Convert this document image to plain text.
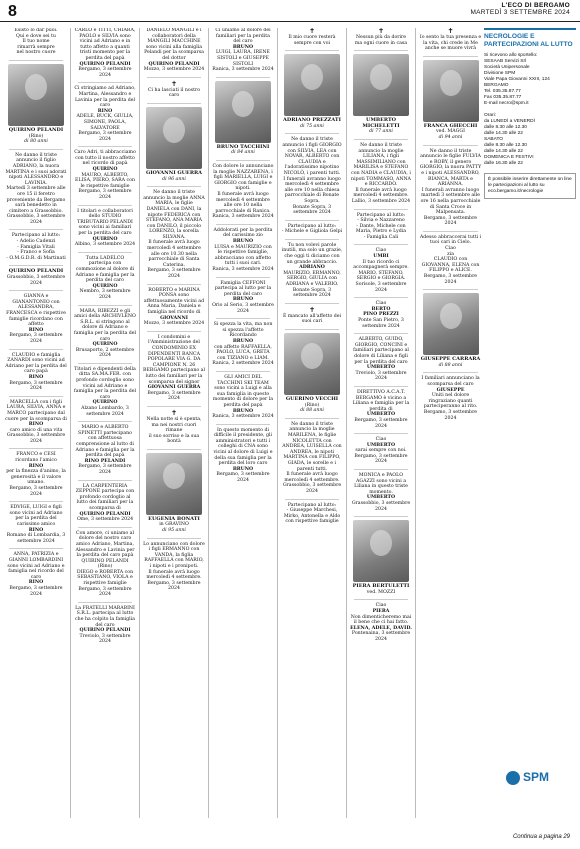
8	L'ECO DI BERGAMO
MARTEDÌ 3 SETTEMBRE 2024

Esisto lo dar puoi.

Qui e dove sei tu

Il tuo nome

rimarrà sempre

nel nostro cuore

QUIRINO PELANDI
(Rino)
di 80 anni

Ne danno il triste annuncio il figlio ADRIANO, la nuora MARTINA e i suoi adorati nipoti ALESSANDRO e LAVINIA.

Martedì 3 settembre alle ore 15 il feretro proveniente da Bergamo sarà benedetto in cimitero a Grassobbio.

Grassobbio, 3 settembre 2024

Partecipano al lutto:

- Adelio Cadenzi

- Famiglia Vitali

- Franco e Sofia

- O.M.G.D.R. di Martinati

QUIRINO PELANDI

Grassobbio, 3 settembre 2024

GIANNA e GIANANTONIO con ALESSANDRA, FRANCESCA e rispettive famiglie ricordano con affetto

RINO

Bergamo, 3 settembre 2024

CLAUDIO e famiglia ZANARDI sono vicini ad Adriano per la perdita del caro papà

RINO

Bergamo, 3 settembre 2024

MARCELLA con i figli LAURA, SILVIA, ANNA e MARCO partecipano dal cuore per la scomparsa di

RINO

caro amico di una vita

Grassobbio, 3 settembre 2024

FRANCO e CESI ricordano l'amico

RINO

per la finezza d'animo, la generosità e il valore umano.

Bergamo, 3 settembre 2024

EDVIGE, LUIGI e figli sono vicini ad Adriano per la perdita del carissimo amico

RINO

Romano di Lombardia, 3 settembre 2024

ANNA, PATRIZIA e GIANNI LOMBARDINI sono vicini ad Adriano e famiglia nel ricordo del caro

RINO

Bergamo, 3 settembre 2024

CARLO e TITTI, CHIARA, PAOLO e SILVIA sono vicini ad Adriano e in tutto affetto a quanti tristi momento per la perdita del papà

QUIRINO PELANDI

Bergamo, 3 settembre 2024

Ci stringiamo ad Adriano, Martina, Alessandro e Lavinia per la perdita del caro

RINO

ADELE, BUCK, GIULIA, SIMONE, PAOLA, SALVATORE

Bergamo, 3 settembre 2024

Caro Adri, ti abbracciamo con tutto il nostro affetto nel ricordo di papà

QUIRINO

MAURO, ALBERTO, ELISA, PIERO, SARA con le rispettive famiglie

Bergamo, 3 settembre 2024

I titolari e collaboratori dello STUDIO TRIBUTARIO PELANDI sono vicini ai familiari per la perdita del caro

QUIRINO

Albino, 3 settembre 2024

Tutta LADELCO partecipa con commozione al dolore di Adriano e famiglia per la perdita del caro

QUIRINO

Nembro, 3 settembre 2024

MARA, RIBEZZI e gli amici della ARCHIVLENO S.R.L. si stringono al dolore di Adriano e famiglia per la perdita del caro

QUIRINO

Brusaporto, 2 settembre 2024

Titolari e dipendenti della ditta SA.MA.FER. con profondo cordoglio sono vicini ad Adriano e famiglia per la perdita del caro

QUIRINO

Alzano Lombardo, 3 settembre 2024

MARIO e ALBERTO SPINETTI partecipano con affettuosa comprensione al lutto di Adriano e famiglia per la perdita del papà

RINO PELANDI

Bergamo, 3 settembre 2024

LA CARPENTERIA ZEPPONE partecipa con profondo cordoglio al lutto dei familiari per la scomparsa di

QUIRINO PELANDI

Ome, 3 settembre 2024

Con amore, ci uniamo al dolore del nostro caro amico Adriano, Martina, Alessandro e Lavinia per la perdita del caro papà

QUIRINO PELANDI (Rino)

DIEGO e ROBERTA con SEBASTIANO, VIOLA e rispettive famiglie

Bergamo, 3 settembre 2024

La FRATELLI MARABINI S.R.L. partecipa al lutto che ha colpito la famiglia del caro

QUIRINO PELANDI

Treviolo, 3 settembre 2024

DANIELO MANGILI e i collaboratori della MANGILI MACCHINE sono vicini alla famiglia Pelandi per la scomparsa del dottor

QUIRINO PELANDI

Mozzo, 3 settembre 2024

✝

Ci ha lasciati il nostro caro

GIOVANNI GUERRA
di 96 anni

Ne danno il triste annuncio la moglie ANNA MARIA, le figlie DANIELA con DANI, la nipote FEDERICA con STEFANO, ANA MARIA con DANILO, il piccolo LORENZO, la sorella SILVANA.

Il funerale avrà luogo mercoledì 4 settembre alle ore 10.30 nella parrocchiale di Santa Caterina.

Bergamo, 3 settembre 2024

ROBERTO e MARINA PONSA sono affettuosamente vicini ad Anna Maria, Daniela e famiglia nel ricordo di

GIOVANNI

Mozzo, 3 settembre 2024

I condomini e l'Amministrazione del CONDOMINIO EX DIPENDENTI BANCA POPOLARE VIA G. DA CAMPIONE N. 26 BERGAMO partecipano al lutto dei familiari per la scomparsa del signor

GIOVANNI GUERRA

Bergamo, 3 settembre 2024

✝

Nella notte si è spenta, ma nei nostri cuori rimane

il suo sorriso e la sua bontà

EUGENIA BONATI
in GRAVINO
di 95 anni

Lo annunciano con dolore i figli ERMANNO con VANDA, la figlia RAFFAELLA con MARIO, i nipoti e i pronipoti.

Il funerale avrà luogo mercoledì 4 settembre.

Bergamo, 3 settembre 2024

Ci uniamo al dolore dei familiari per la perdita del caro

BRUNO

LUIGI, LAURA, IRENE SISTOLI e GIUSEPPE SISTOLI

Ranica, 3 settembre 2024

BRUNO TACCHINI
di 84 anni

Con dolore lo annunciano la moglie NAZZARENA, i figli MARIELLA, LUIGI e GIORGIO con famiglie e nipoti.

Il funerale avrà luogo mercoledì 4 settembre alle ore 10 nella parrocchiale di Ranica.

Ranica, 3 settembre 2024

Addolorati per la perdita del carissimo zio

BRUNO

LUISA e MAURIZIO con le rispettive famiglie, abbracciano con affetto tutti i suoi cari.

Ranica, 3 settembre 2024

Famiglia CEFFONI partecipa al lutto per la perdita del caro

BRUNO

Orio al Serio, 3 settembre 2024

Si spezza la vita, ma non si spezza l'affetto

Ricordando

BRUNO

con affetto RAFFAELLA, PAOLO, LUCA, GRETA con TIZIANO e LIAM.

Ranica, 2 settembre 2024

GLI AMICI DEL TACCHINI SKI TEAM sono vicini a Luigi e alla sua famiglia in questo momento di dolore per la perdita del papà

BRUNO

Ranica, 3 settembre 2024

In questo momento di difficile il presidente, gli amministratori e tutti i colleghi di CNA sono vicini al dolore di Luigi e della sua famiglia per la perdita del loro caro

BRUNO

Bergamo, 3 settembre 2024

✝

Il mio cuore resterà

sempre con voi

ADRIANO PREZZATI
di 75 anni

Ne danno il triste annuncio i figli GIORGIO con SILVIA, LEA con NOVAR, ALBERTO con CLAUDIA e l'adoratissimo nipotino NICOLÒ, i parenti tutti.

I funerali avranno luogo mercoledì 4 settembre alle ore 10 nella chiesa parrocchiale di Bonate Sopra.

Bonate Sopra, 3 settembre 2024

Partecipano al lutto:

- Michele e Gigliola Gelpi

Tu non volevi parole inutili, ma solo un grazie, che oggi ti diciamo con un grande abbraccio.

ADRIANO

MAURIZIO, ERMANNO, SERGIO, GIULIA con ADRIANA e VALERIO.

Bonate Sopra, 3 settembre 2024

✝

È mancato all'affetto dei suoi cari

GUERINO VECCHI
(Rino)
di 88 anni

Ne danno il triste annuncio la moglie MARILENA, le figlie NICOLETTA con ANDREA, LUISELLA con ANDREA, le nipoti MARTINA con FILIPPO, GIADA, le sorelle e i parenti tutti.

Il funerale avrà luogo mercoledì 4 settembre.

Grassobbio, 3 settembre 2024

Partecipano al lutto:

- Giuseppe Marchesi, Mirko, Antonella e Aldo con rispettive famiglie

✝

Nessun più da dorire

ma ogni cuore in casa

UMBERTO MICHELETTI
di 77 anni

Ne danno il triste annuncio la moglie LILIANA, i figli MASSIMILIANO con MARILISA e STEFANO con NADIA e CLAUDIA, i nipoti TOMMASO, ANNA e RICCARDO.

Il funerale avrà luogo mercoledì 4 settembre.

Lallio, 3 settembre 2024

Partecipano al lutto:

- Silvia e Nazzareno

- Dante, Michele con Maria, Pietro e Lydia

- Famiglia Cali

Ciao

UMBI

Il tuo ricordo ci accompagnerà sempre.

MARIO, STEFANO, SERGIO e GIORGIA.

Sorisole, 3 settembre 2024

Ciao

BERTO

PINO PREZZI

Ponte San Pietro, 3 settembre 2024

ALBERTO, GUIDO, GIORGIO, CONCINI e familiari partecipano al dolore di Liliana e figli per la perdita del caro

UMBERTO

Treviolo, 3 settembre 2024

DIRETTIVO A.C.A.T. BERGAMO è vicino a Liliana e famiglia per la perdita di

UMBERTO

Bergamo, 3 settembre 2024

Ciao

UMBERTO

sarai sempre con noi.

Bergamo, 3 settembre 2024

MONICA e PAOLO AGAZZI sono vicini a Liliana in questo triste momento.

UMBERTO

Grassobbio, 3 settembre 2024

PIERA BERTULETTI
ved. MOZZI

Ciao

PIERA

Non dimenticheremo mai il bene che ci hai fatto.

ELENA, ADELE, DAVID.

Pontenaina, 3 settembre 2024

✝

Io sento la tua presenza e la vita, chi crede in Me anche se muore vivrà

FRANCA GHECCHI
ved. MAGGI
di 94 anni

Ne danno il triste annuncio le figlie FULVIA e ROBY, il genero GIORGIO, la nuora PATTY e i nipoti ALESSANDRO, BIANCA, MARTA e ARIANNA.

I funerali avranno luogo martedì 3 settembre alle ore 16 nella parrocchiale di Santa Croce in Malpensata.

Bergamo, 3 settembre 2024

Adesso abbraccerai tutti i tuoi cari in Cielo.

Ciao

zia

CLAUDIO con GIOVANNA, ELENA con FILIPPO e ALICE.

Bergamo, 3 settembre 2024

GIUSEPPE CARRARA
di 88 anni

I familiari annunciano la scomparsa del caro

GIUSEPPE

Uniti nel dolore ringraziano quanti parteciperanno al rito.

Bergamo, 3 settembre 2024

NECROLOGIE E PARTECIPAZIONI AL LUTTO
Si ricevono allo sportello:
SESAAB Servizi Srl
Società Unipersonale
Divisione SPM
Viale Papa Giovanni XXIII, 124
BERGAMO
Tel. 035.35.87.77
Fax 035.35.87.77
E-mail necro@spm.it
Orari:
da LUNEDÌ a VENERDÌ
dalle 8.30 alle 12.30
dalle 14.30 alle 22
SABATO
dalle 8.30 alle 12.30
dalle 14.30 alle 22
DOMENICA E FESTIVI
dalle 16.30 alle 22
È possibile inserire direttamente on line le partecipazioni al lutto su eco.bergamo.it/necrologie
SPM
Continua a pagina 29
